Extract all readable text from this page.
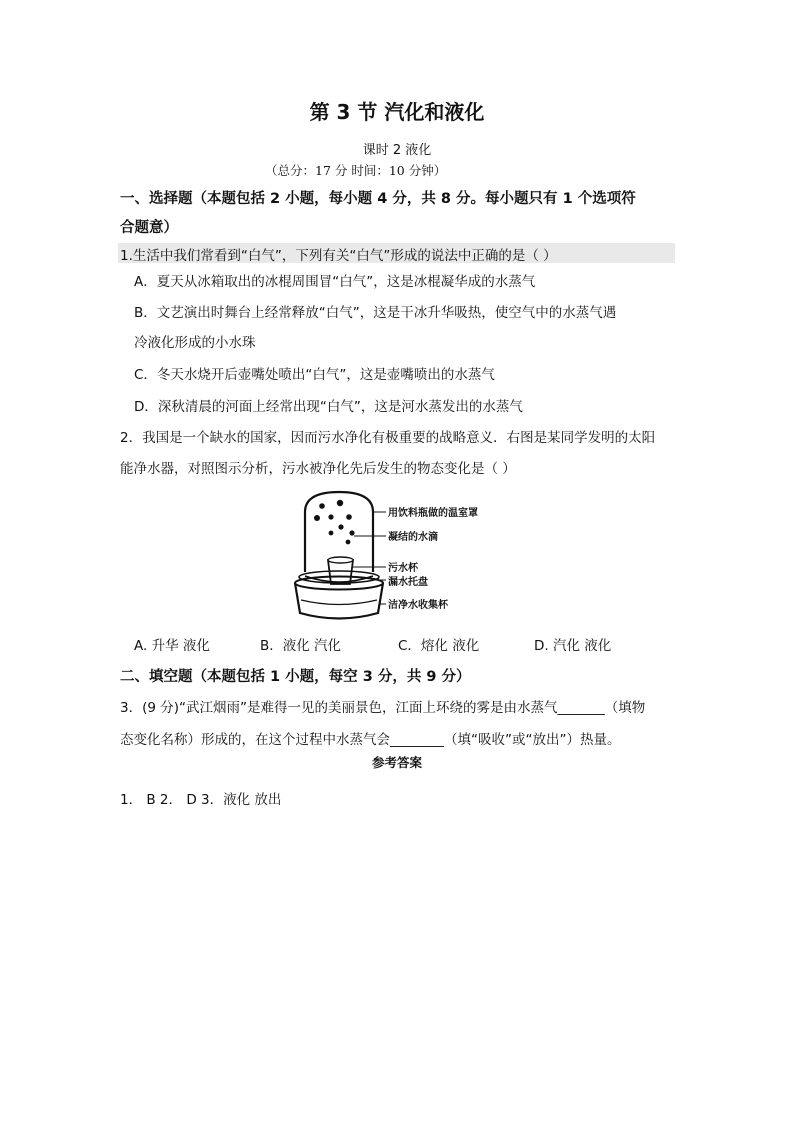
第 3 节 汽化和液化
课时 2 液化
（总分：17 分 时间：10 分钟）
一、选择题（本题包括 2 小题，每小题 4 分，共 8 分。每小题只有 1 个选项符
合题意）
1.生活中我们常看到“白气”，下列有关“白气”形成的说法中正确的是（ ）
A．夏天从冰箱取出的冰棍周围冒“白气”，这是冰棍凝华成的水蒸气
B．文艺演出时舞台上经常释放“白气”，这是干冰升华吸热，使空气中的水蒸气遇
冷液化形成的小水珠
C．冬天水烧开后壶嘴处喷出“白气”，这是壶嘴喷出的水蒸气
D．深秋清晨的河面上经常出现“白气”，这是河水蒸发出的水蒸气
2．我国是一个缺水的国家，因而污水净化有极重要的战略意义．右图是某同学发明的太阳
能净水器，对照图示分析，污水被净化先后发生的物态变化是（ ）
用饮料瓶做的温室罩
凝结的水滴
污水杯
漏水托盘
洁净水收集杯
A. 升华 液化	B．液化 汽化	C．熔化 液化	D. 汽化 液化
二、填空题（本题包括 1 小题，每空 3 分，共 9 分）
3．(9 分)“武江烟雨”是难得一见的美丽景色，江面上环绕的雾是由水蒸气_______（填物
态变化名称）形成的，在这个过程中水蒸气会________（填“吸收”或“放出”）热量。
参考答案
1． B 2． D 3．液化 放出
